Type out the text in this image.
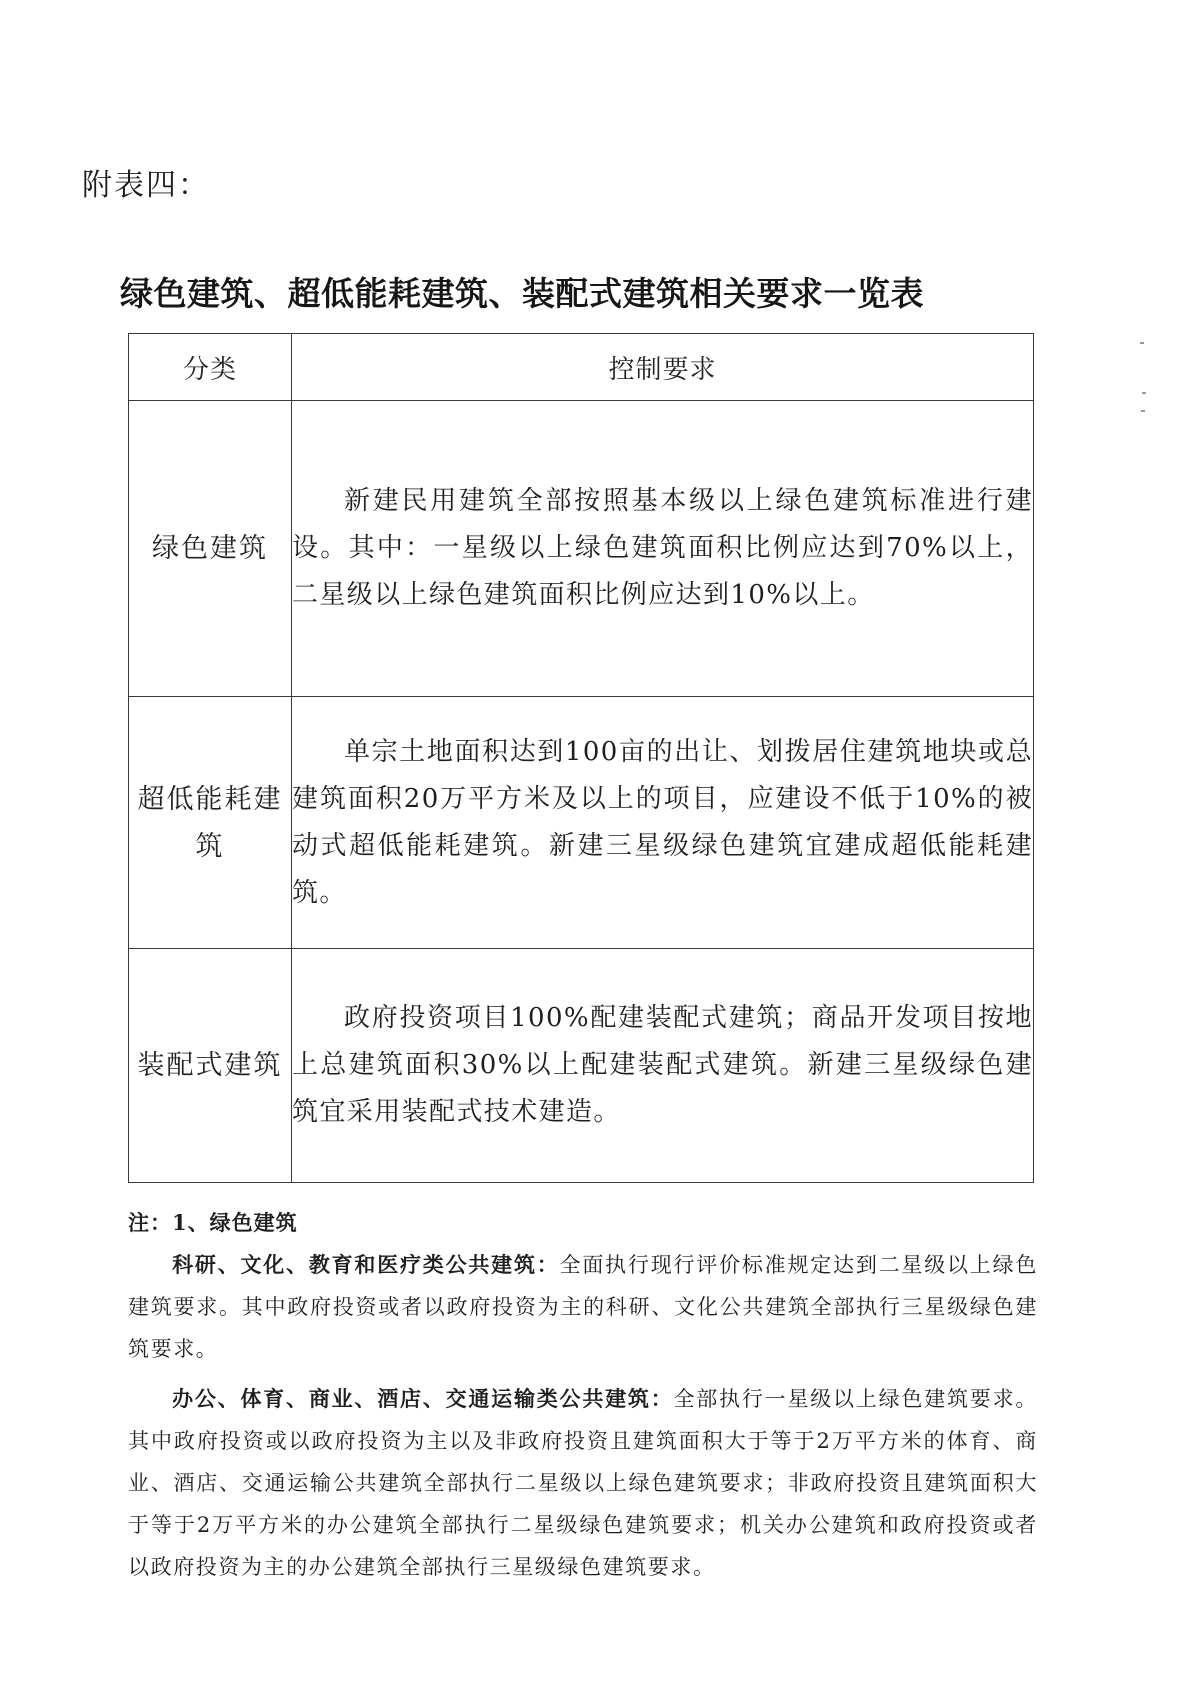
附表四：
绿色建筑、超低能耗建筑、装配式建筑相关要求一览表
分类	控制要求
绿色建筑	新建民用建筑全部按照基本级以上绿色建筑标准进行建设。其中：一星级以上绿色建筑面积比例应达到70%以上，二星级以上绿色建筑面积比例应达到10%以上。

超低能耗建筑	单宗土地面积达到100亩的出让、划拨居住建筑地块或总建筑面积20万平方米及以上的项目，应建设不低于10%的被动式超低能耗建筑。新建三星级绿色建筑宜建成超低能耗建筑。

装配式建筑	政府投资项目100%配建装配式建筑；商品开发项目按地上总建筑面积30%以上配建装配式建筑。新建三星级绿色建筑宜采用装配式技术建造。
注：1、绿色建筑

科研、文化、教育和医疗类公共建筑：全面执行现行评价标准规定达到二星级以上绿色建筑要求。其中政府投资或者以政府投资为主的科研、文化公共建筑全部执行三星级绿色建筑要求。

办公、体育、商业、酒店、交通运输类公共建筑：全部执行一星级以上绿色建筑要求。其中政府投资或以政府投资为主以及非政府投资且建筑面积大于等于2万平方米的体育、商业、酒店、交通运输公共建筑全部执行二星级以上绿色建筑要求；非政府投资且建筑面积大于等于2万平方米的办公建筑全部执行二星级绿色建筑要求；机关办公建筑和政府投资或者以政府投资为主的办公建筑全部执行三星级绿色建筑要求。
